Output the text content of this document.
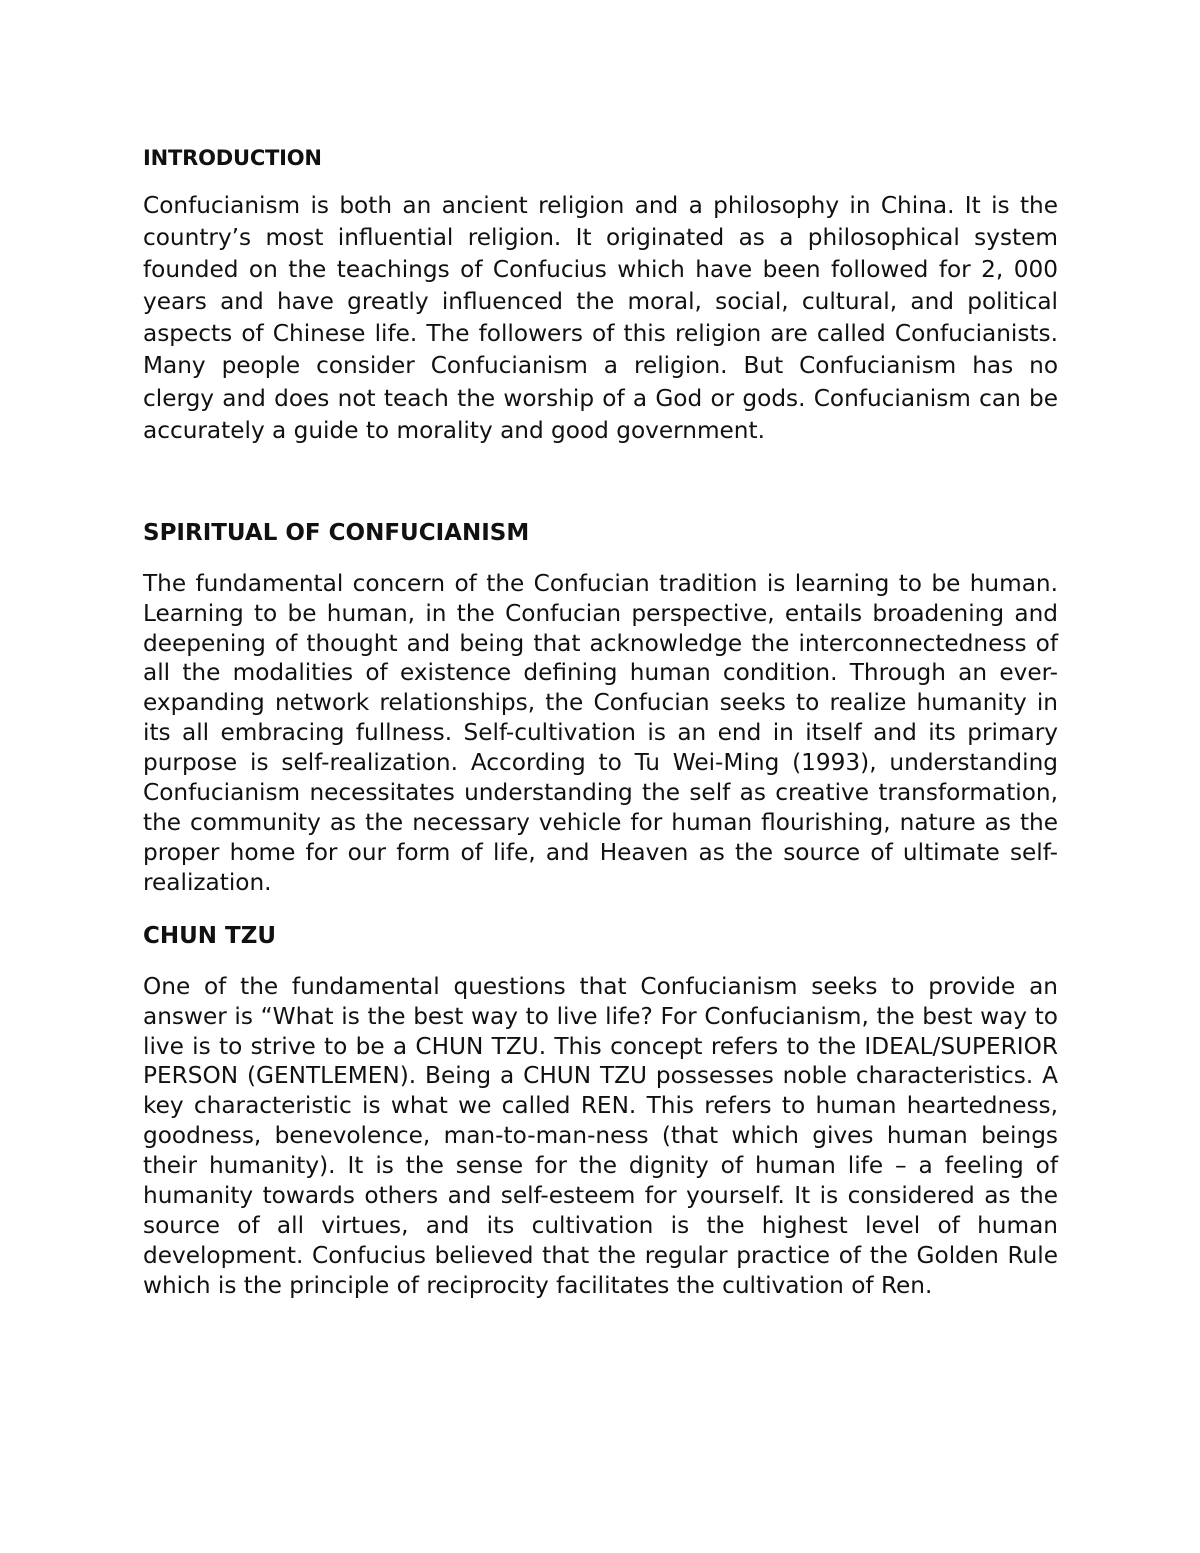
INTRODUCTION

Confucianism is both an ancient religion and a philosophy in China. It is the country’s most influential religion. It originated as a philosophical system founded on the teachings of Confucius which have been followed for 2, 000 years and have greatly influenced the moral, social, cultural, and political aspects of Chinese life. The followers of this religion are called Confucianists. Many people consider Confucianism a religion. But Confucianism has no clergy and does not teach the worship of a God or gods. Confucianism can be accurately a guide to morality and good government.

SPIRITUAL OF CONFUCIANISM

The fundamental concern of the Confucian tradition is learning to be human. Learning to be human, in the Confucian perspective, entails broadening and deepening of thought and being that acknowledge the interconnectedness of all the modalities of existence defining human condition. Through an ever-expanding network relationships, the Confucian seeks to realize humanity in its all embracing fullness. Self-cultivation is an end in itself and its primary purpose is self-realization. According to Tu Wei-Ming (1993), understanding Confucianism necessitates understanding the self as creative transformation, the community as the necessary vehicle for human flourishing, nature as the proper home for our form of life, and Heaven as the source of ultimate self-realization.

CHUN TZU

One of the fundamental questions that Confucianism seeks to provide an answer is “What is the best way to live life? For Confucianism, the best way to live is to strive to be a CHUN TZU. This concept refers to the IDEAL/SUPERIOR PERSON (GENTLEMEN). Being a CHUN TZU possesses noble characteristics. A key characteristic is what we called REN. This refers to human heartedness, goodness, benevolence, man-to-man-ness (that which gives human beings their humanity). It is the sense for the dignity of human life – a feeling of humanity towards others and self-esteem for yourself. It is considered as the source of all virtues, and its cultivation is the highest level of human development. Confucius believed that the regular practice of the Golden Rule which is the principle of reciprocity facilitates the cultivation of Ren.
